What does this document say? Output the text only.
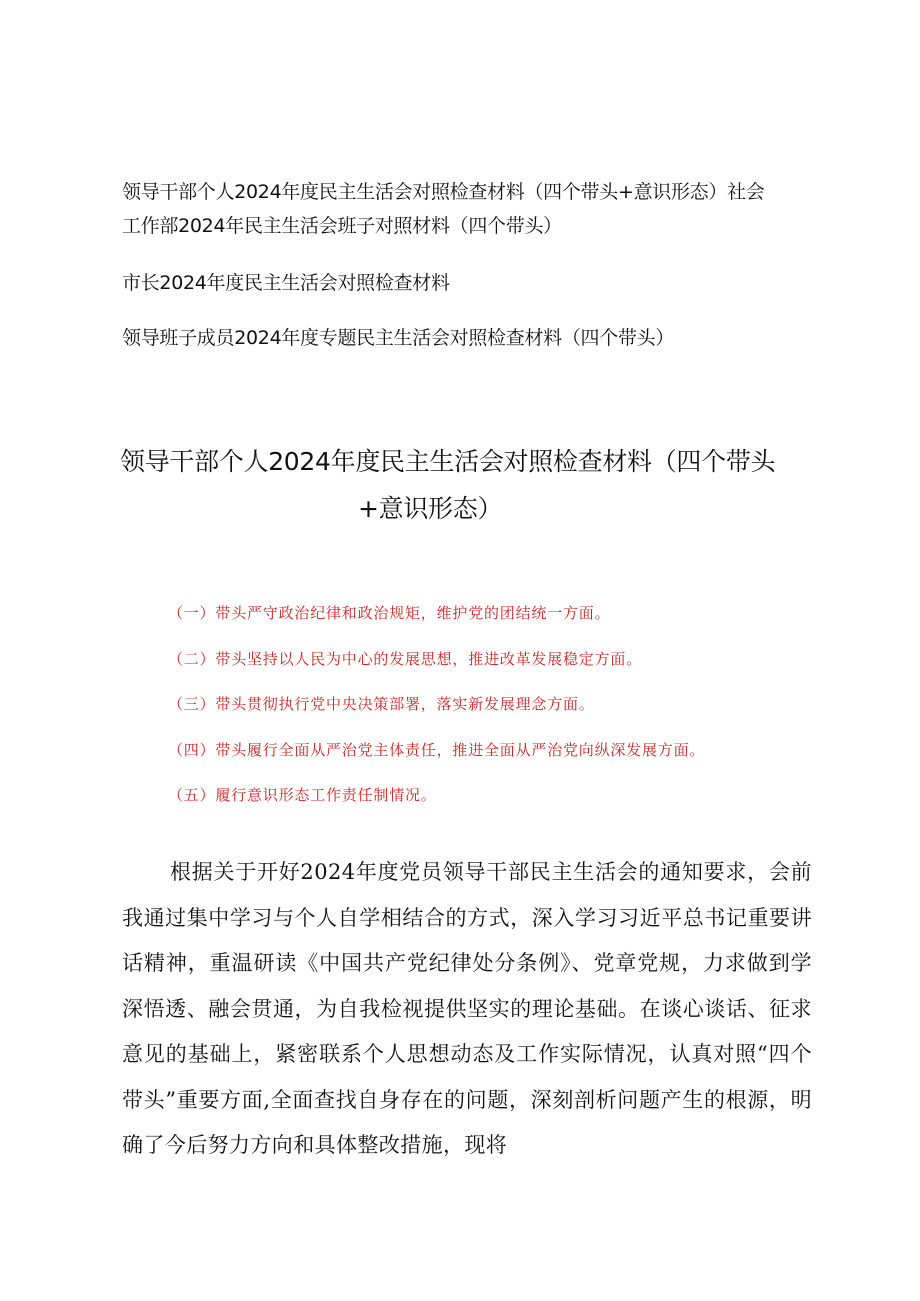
领导干部个人2024年度民主生活会对照检查材料（四个带头+意识形态）社会
工作部2024年民主生活会班子对照材料（四个带头）
市长2024年度民主生活会对照检查材料
领导班子成员2024年度专题民主生活会对照检查材料（四个带头）
领导干部个人2024年度民主生活会对照检查材料（四个带头
+意识形态）
（一）带头严守政治纪律和政治规矩，维护党的团结统一方面。
（二）带头坚持以人民为中心的发展思想，推进改革发展稳定方面。
（三）带头贯彻执行党中央决策部署，落实新发展理念方面。
（四）带头履行全面从严治党主体责任，推进全面从严治党向纵深发展方面。
（五）履行意识形态工作责任制情况。

根据关于开好2024年度党员领导干部民主生活会的通知要求，会前我通过集中学习与个人自学相结合的方式，深入学习习近平总书记重要讲话精神，重温研读《中国共产党纪律处分条例》、党章党规，力求做到学深悟透、融会贯通，为自我检视提供坚实的理论基础。在谈心谈话、征求意见的基础上，紧密联系个人思想动态及工作实际情况，认真对照“四个带头”重要方面,全面查找自身存在的问题，深刻剖析问题产生的根源，明确了今后努力方向和具体整改措施，现将
